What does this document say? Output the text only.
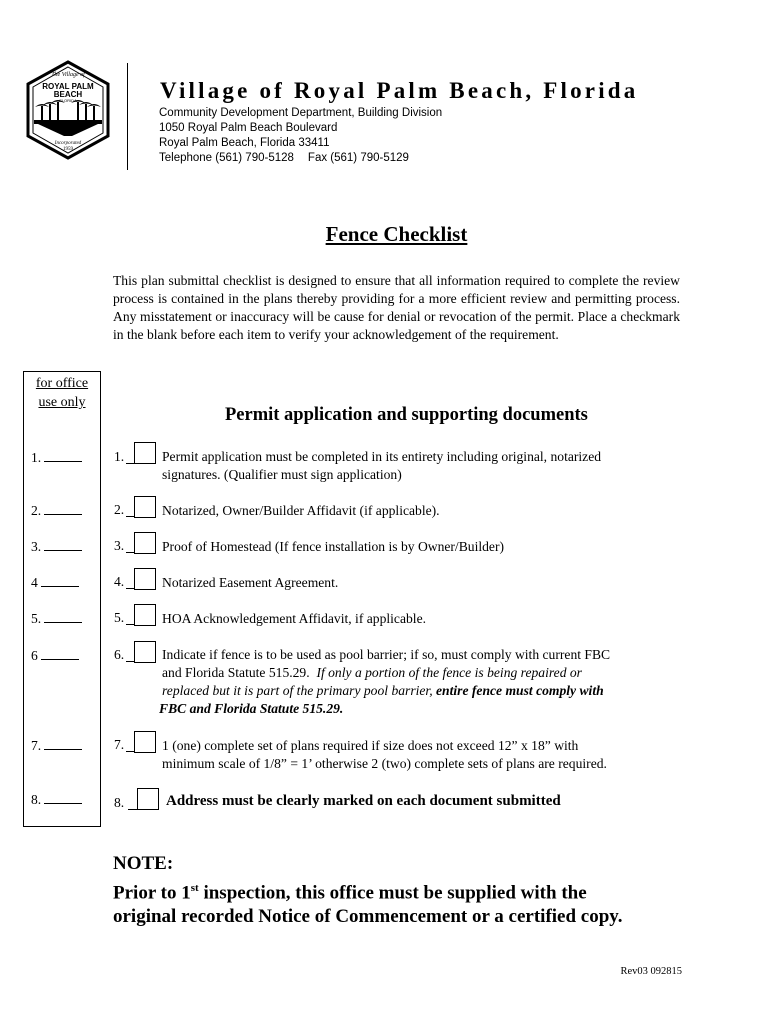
The Village of
ROYAL PALM
BEACH
FLORIDA
Incorporated
1959
Village of Royal Palm Beach, Florida
Community Development Department, Building Division
1050 Royal Palm Beach Boulevard
Royal Palm Beach, Florida 33411
Telephone (561) 790-5128 Fax (561) 790-5129
Fence Checklist
This plan submittal checklist is designed to ensure that all information required to complete the review process is contained in the plans thereby providing for a more efficient review and permitting process. Any misstatement or inaccuracy will be cause for denial or revocation of the permit. Place a checkmark in the blank before each item to verify your acknowledgement of the requirement.
for office
use only
1.
2.
3.
4
5.
6
7.
8.
Permit application and supporting documents
1.	Permit application must be completed in its entirety including original, notarized
signatures. (Qualifier must sign application)
2.	Notarized, Owner/Builder Affidavit (if applicable).
3.	Proof of Homestead (If fence installation is by Owner/Builder)
4.	Notarized Easement Agreement.
5.	HOA Acknowledgement Affidavit, if applicable.
6.	Indicate if fence is to be used as pool barrier; if so, must comply with current FBC
and Florida Statute 515.29. If only a portion of the fence is being repaired or
replaced but it is part of the primary pool barrier, entire fence must comply with
FBC and Florida Statute 515.29.
7.	1 (one) complete set of plans required if size does not exceed 12” x 18” with
minimum scale of 1/8” = 1’ otherwise 2 (two) complete sets of plans are required.
8.	Address must be clearly marked on each document submitted
NOTE:
Prior to 1st inspection, this office must be supplied with the
original recorded Notice of Commencement or a certified copy.
Rev03 092815
